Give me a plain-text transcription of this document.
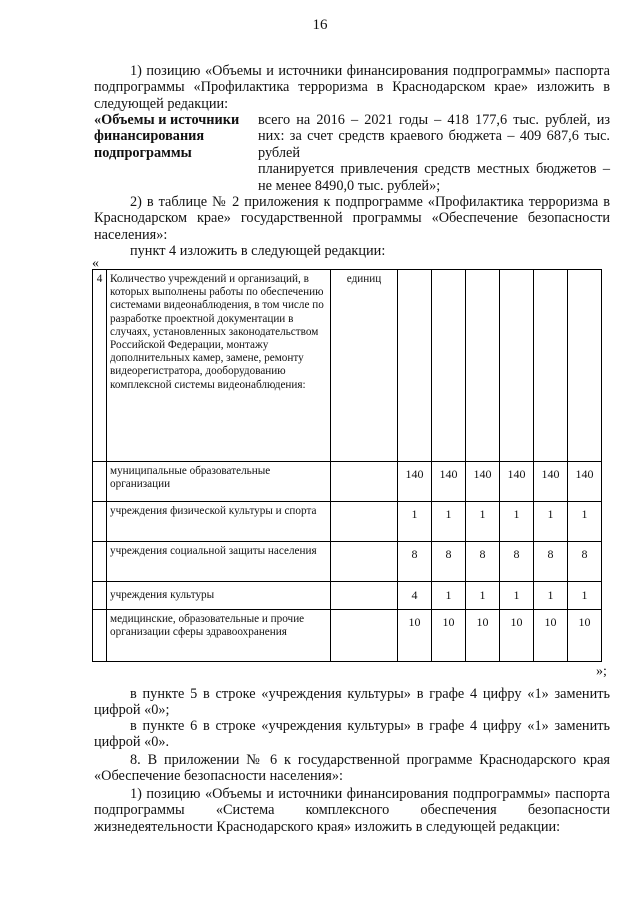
16
1) позицию «Объемы и источники финансирования подпрограммы» паспорта подпрограммы «Профилактика терроризма в Краснодарском крае» изложить в следующей редакции:
«Объемы и источники финансирования подпрограммы
всего на 2016 – 2021 годы – 418 177,6 тыс. рублей, из них: за счет средств краевого бюджета – 409 687,6 тыс. рублей
планируется привлечения средств местных бюджетов – не менее 8490,0 тыс. рублей»;
2) в таблице № 2 приложения к подпрограмме «Профилактика терроризма в Краснодарском крае» государственной программы «Обеспечение безопасности населения»:
пункт 4 изложить в следующей редакции:
«
4	Количество учреждений и организаций, в которых выполнены работы по обеспечению системами видеонаблюдения, в том числе по разработке проектной документации в случаях, установленных законодательством Российской Федерации, монтажу дополнительных камер, замене, ремонту видеорегистратора, дооборудованию комплексной системы видеонаблюдения:	единиц						
	муниципальные образовательные организации		140	140	140	140	140	140
	учреждения физической культуры и спорта		1	1	1	1	1	1
	учреждения социальной защиты населения		8	8	8	8	8	8
	учреждения культуры		4	1	1	1	1	1
	медицинские, образовательные и прочие организации сферы здравоохранения		10	10	10	10	10	10
»;
в пункте 5 в строке «учреждения культуры» в графе 4 цифру «1» заменить цифрой «0»;
в пункте 6 в строке «учреждения культуры» в графе 4 цифру «1» заменить цифрой «0».
8. В приложении № 6 к государственной программе Краснодарского края «Обеспечение безопасности населения»:
1) позицию «Объемы и источники финансирования подпрограммы» паспорта подпрограммы «Система комплексного обеспечения безопасности жизнедеятельности Краснодарского края» изложить в следующей редакции:
